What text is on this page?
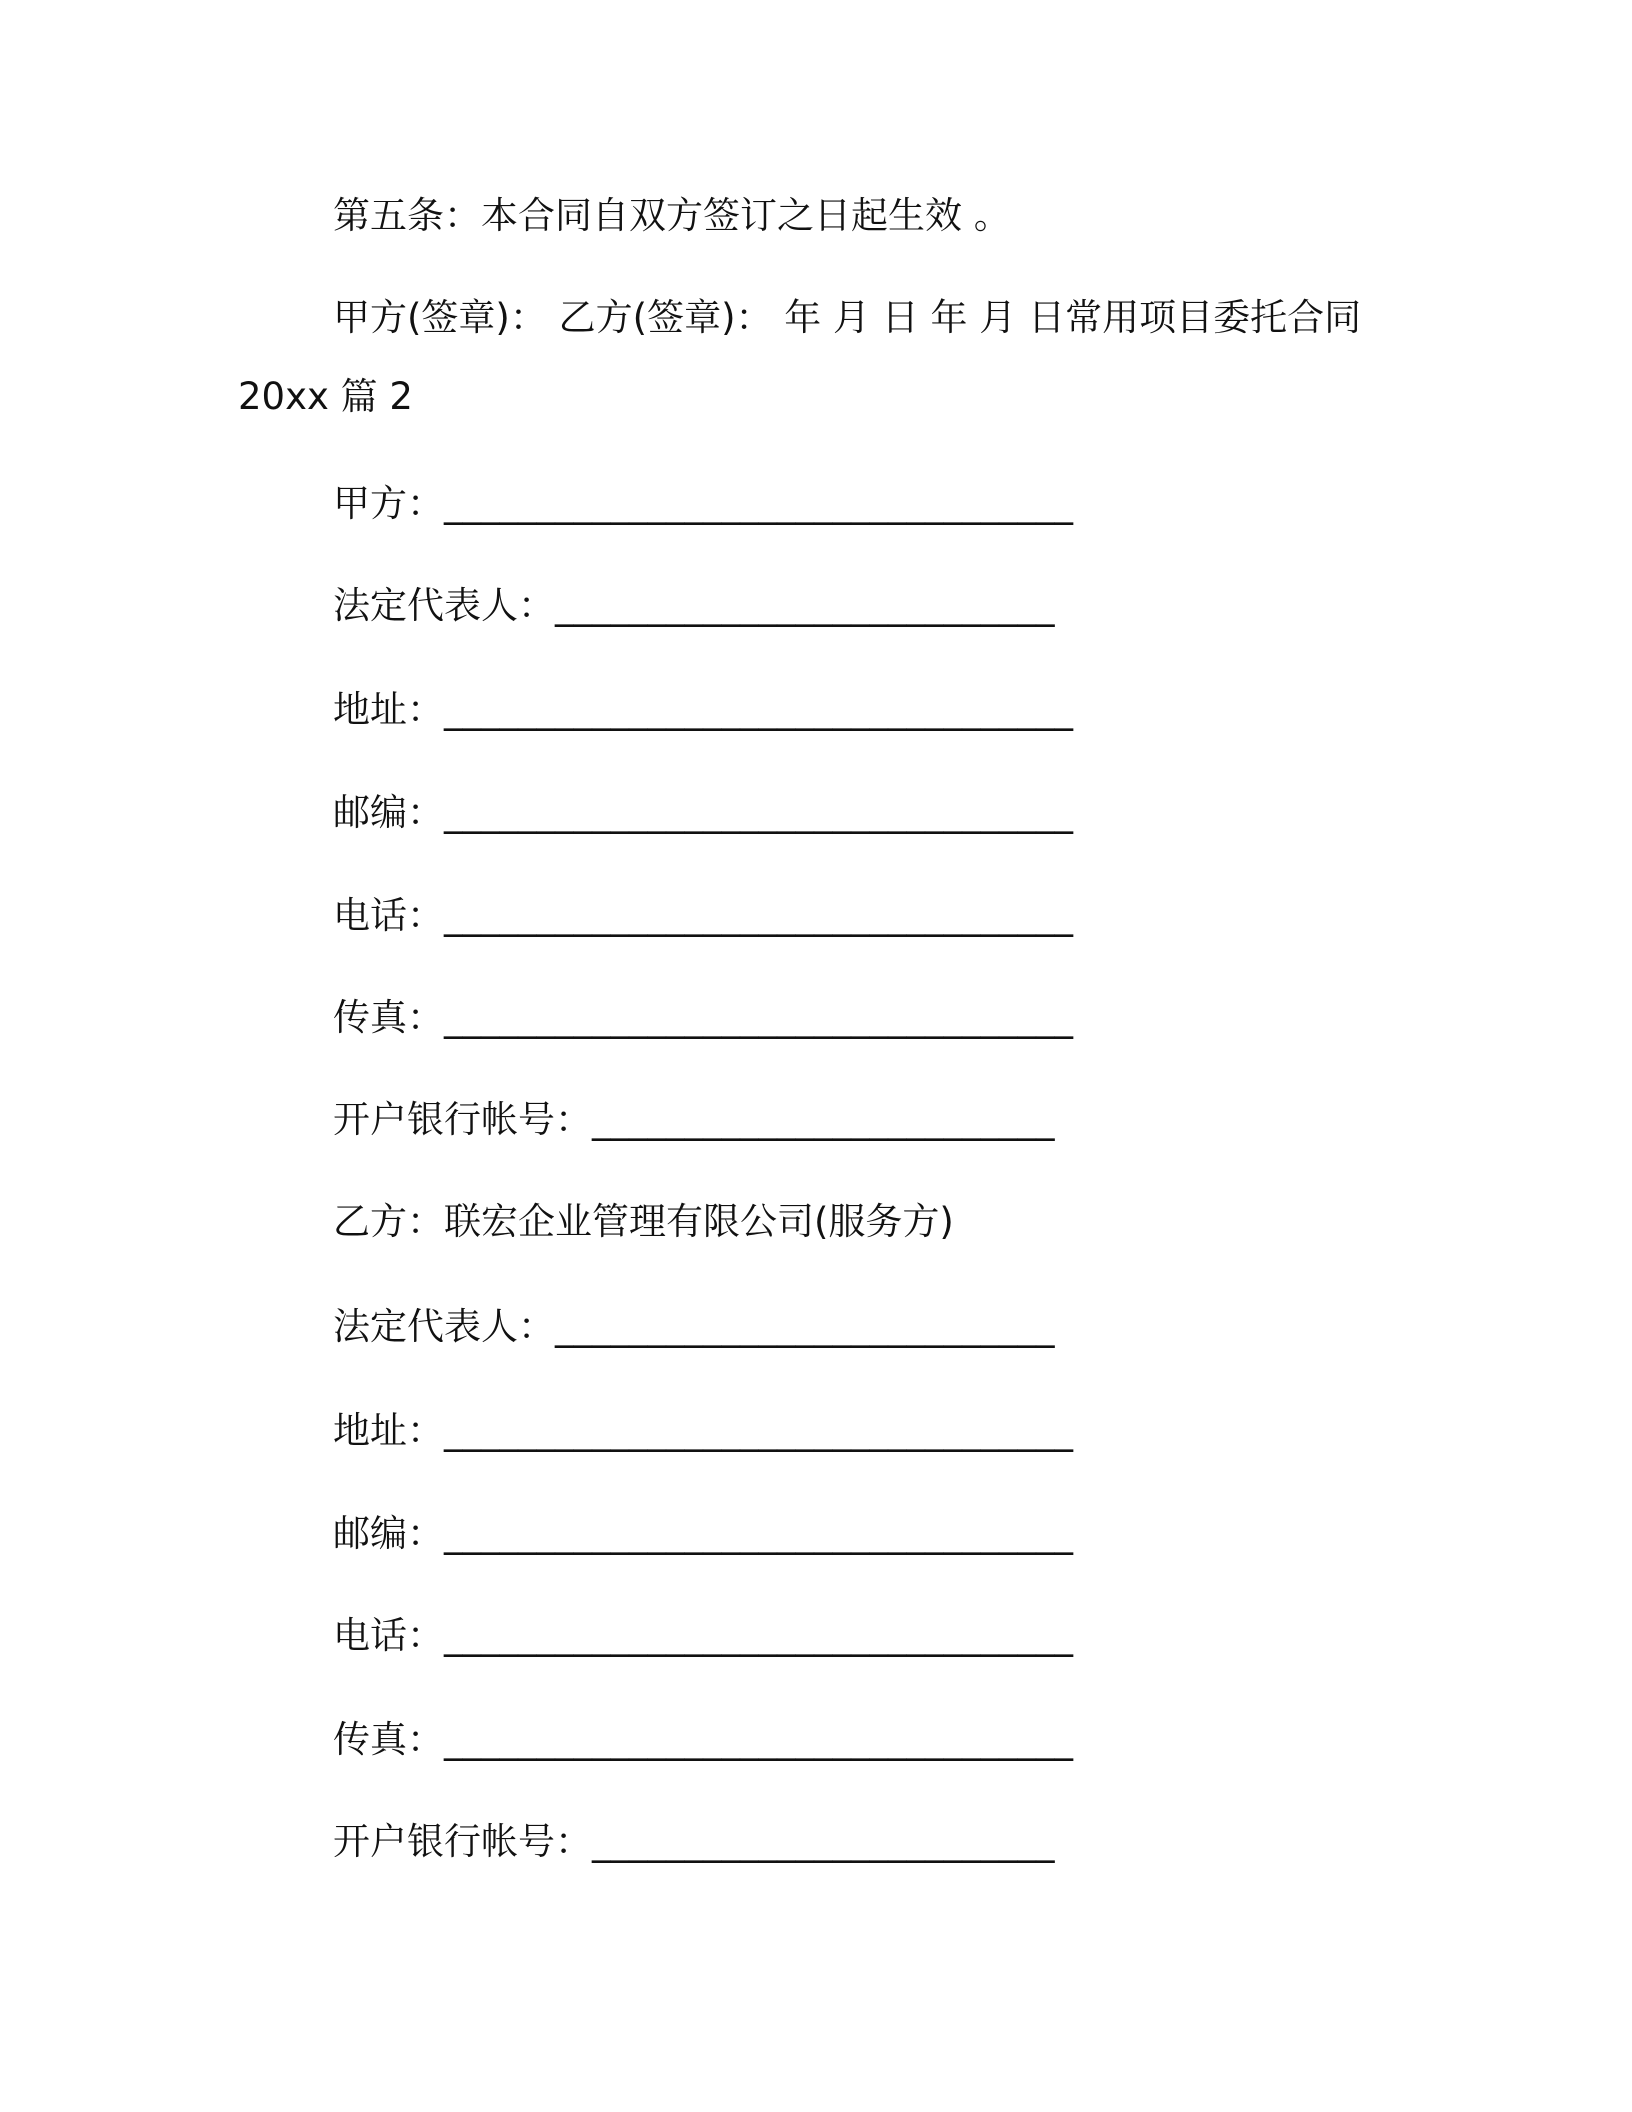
第五条：本合同自双方签订之日起生效 。
甲方(签章)： 乙方(签章)： 年 月 日 年 月 日常用项目委托合同
20xx 篇 2
甲方：__________________________________
法定代表人：___________________________
地址：__________________________________
邮编：__________________________________
电话：__________________________________
传真：__________________________________
开户银行帐号：_________________________
乙方：联宏企业管理有限公司(服务方)
法定代表人：___________________________
地址：__________________________________
邮编：__________________________________
电话：__________________________________
传真：__________________________________
开户银行帐号：_________________________
